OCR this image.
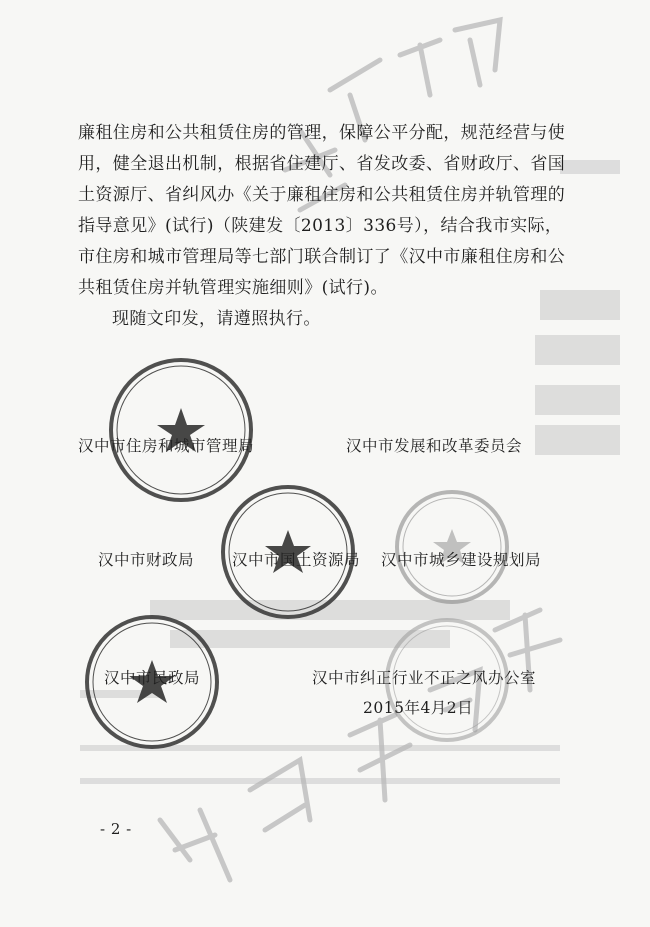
廉租住房和公共租赁住房的管理，保障公平分配，规范经营与使
用，健全退出机制，根据省住建厅、省发改委、省财政厅、省国
土资源厅、省纠风办《关于廉租住房和公共租赁住房并轨管理的
指导意见》(试行)（陕建发〔2013〕336号），结合我市实际，
市住房和城市管理局等七部门联合制订了《汉中市廉租住房和公
共租赁住房并轨管理实施细则》(试行)。
现随文印发，请遵照执行。
汉中市住房和城市管理局	汉中市发展和改革委员会
汉中市财政局 汉中市国土资源局 汉中市城乡建设规划局
汉中市民政局	汉中市纠正行业不正之风办公室
2015年4月2日
- 2 -
